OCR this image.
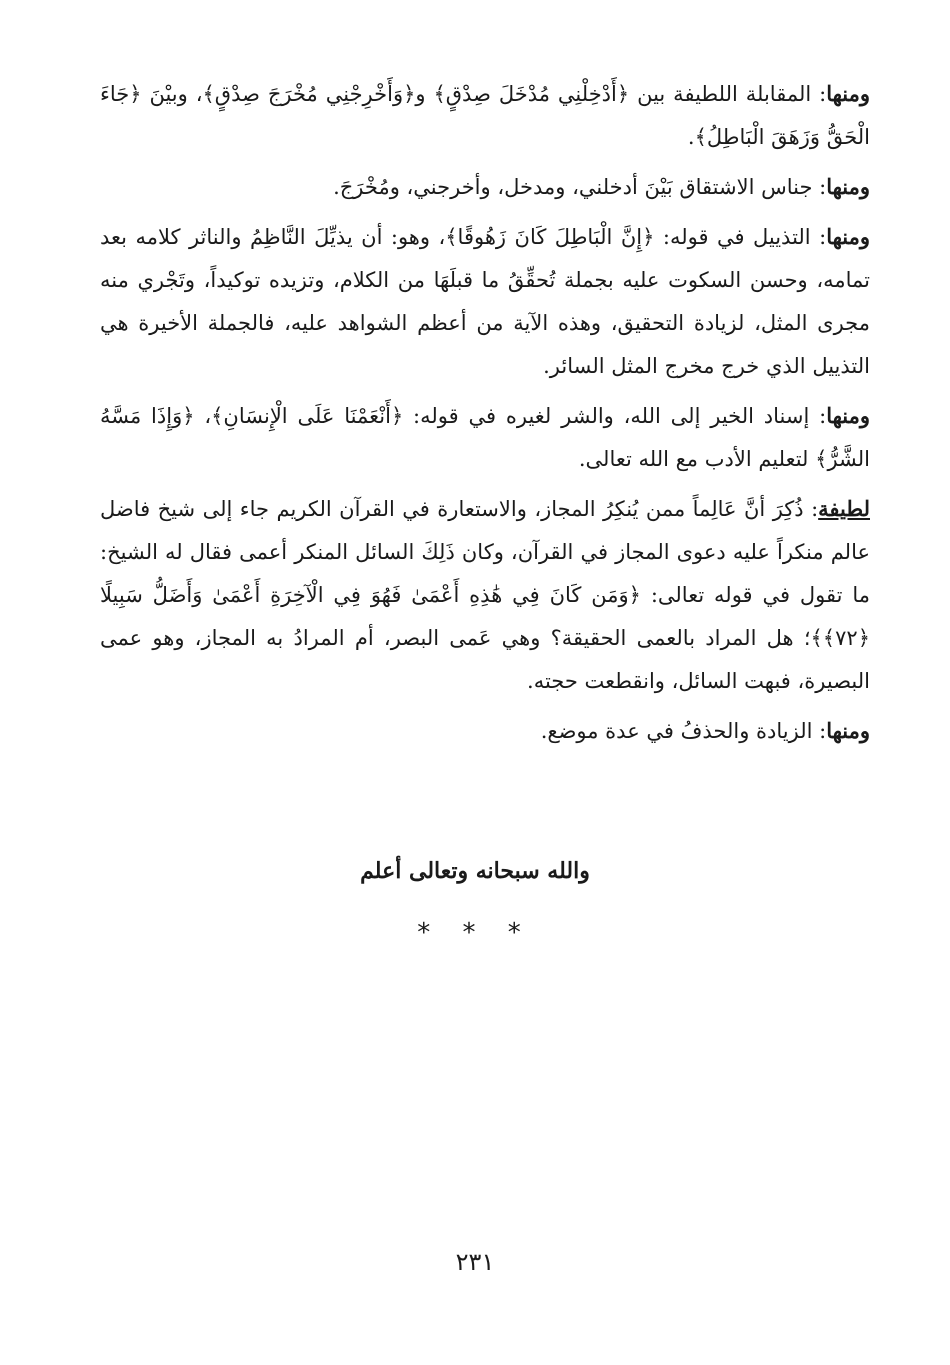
ومنها: المقابلة اللطيفة بين ﴿أَدْخِلْنِي مُدْخَلَ صِدْقٍ﴾ و﴿وَأَخْرِجْنِي مُخْرَجَ صِدْقٍ﴾، وبيْنَ ﴿جَاءَ الْحَقُّ وَزَهَقَ الْبَاطِلُ﴾.

ومنها: جناس الاشتقاق بَيْنَ أدخلني، ومدخل، وأخرجني، ومُخْرَجَ.

ومنها: التذييل في قوله: ﴿إِنَّ الْبَاطِلَ كَانَ زَهُوقًا﴾، وهو: أن يذيِّلَ النَّاظِمُ والناثر كلامه بعد تمامه، وحسن السكوت عليه بجملة تُحقِّقُ ما قبلَهَا من الكلام، وتزيده توكيداً، وتَجْري منه مجرى المثل، لزيادة التحقيق، وهذه الآية من أعظم الشواهد عليه، فالجملة الأخيرة هي التذييل الذي خرج مخرج المثل السائر.

ومنها: إسناد الخير إلى الله، والشر لغيره في قوله: ﴿أَنْعَمْنَا عَلَى الْإِنسَانِ﴾، ﴿وَإِذَا مَسَّهُ الشَّرُّ﴾ لتعليم الأدب مع الله تعالى.

لطيفة: ذُكِرَ أنَّ عَالِماً ممن يُنكِرُ المجاز، والاستعارة في القرآن الكريم جاء إلى شيخ فاضل عالم منكراً عليه دعوى المجاز في القرآن، وكان ذَلِكَ السائل المنكر أعمى فقال له الشيخ: ما تقول في قوله تعالى: ﴿وَمَن كَانَ فِي هَٰذِهِ أَعْمَىٰ فَهُوَ فِي الْآخِرَةِ أَعْمَىٰ وَأَضَلُّ سَبِيلًا ﴿٧٢﴾﴾؛ هل المراد بالعمى الحقيقة؟ وهي عَمى البصر، أم المرادُ به المجاز، وهو عمى البصيرة، فبهت السائل، وانقطعت حجته.

ومنها: الزيادة والحذفُ في عدة موضع.

والله سبحانه وتعالى أعلم
* * *
٢٣١
